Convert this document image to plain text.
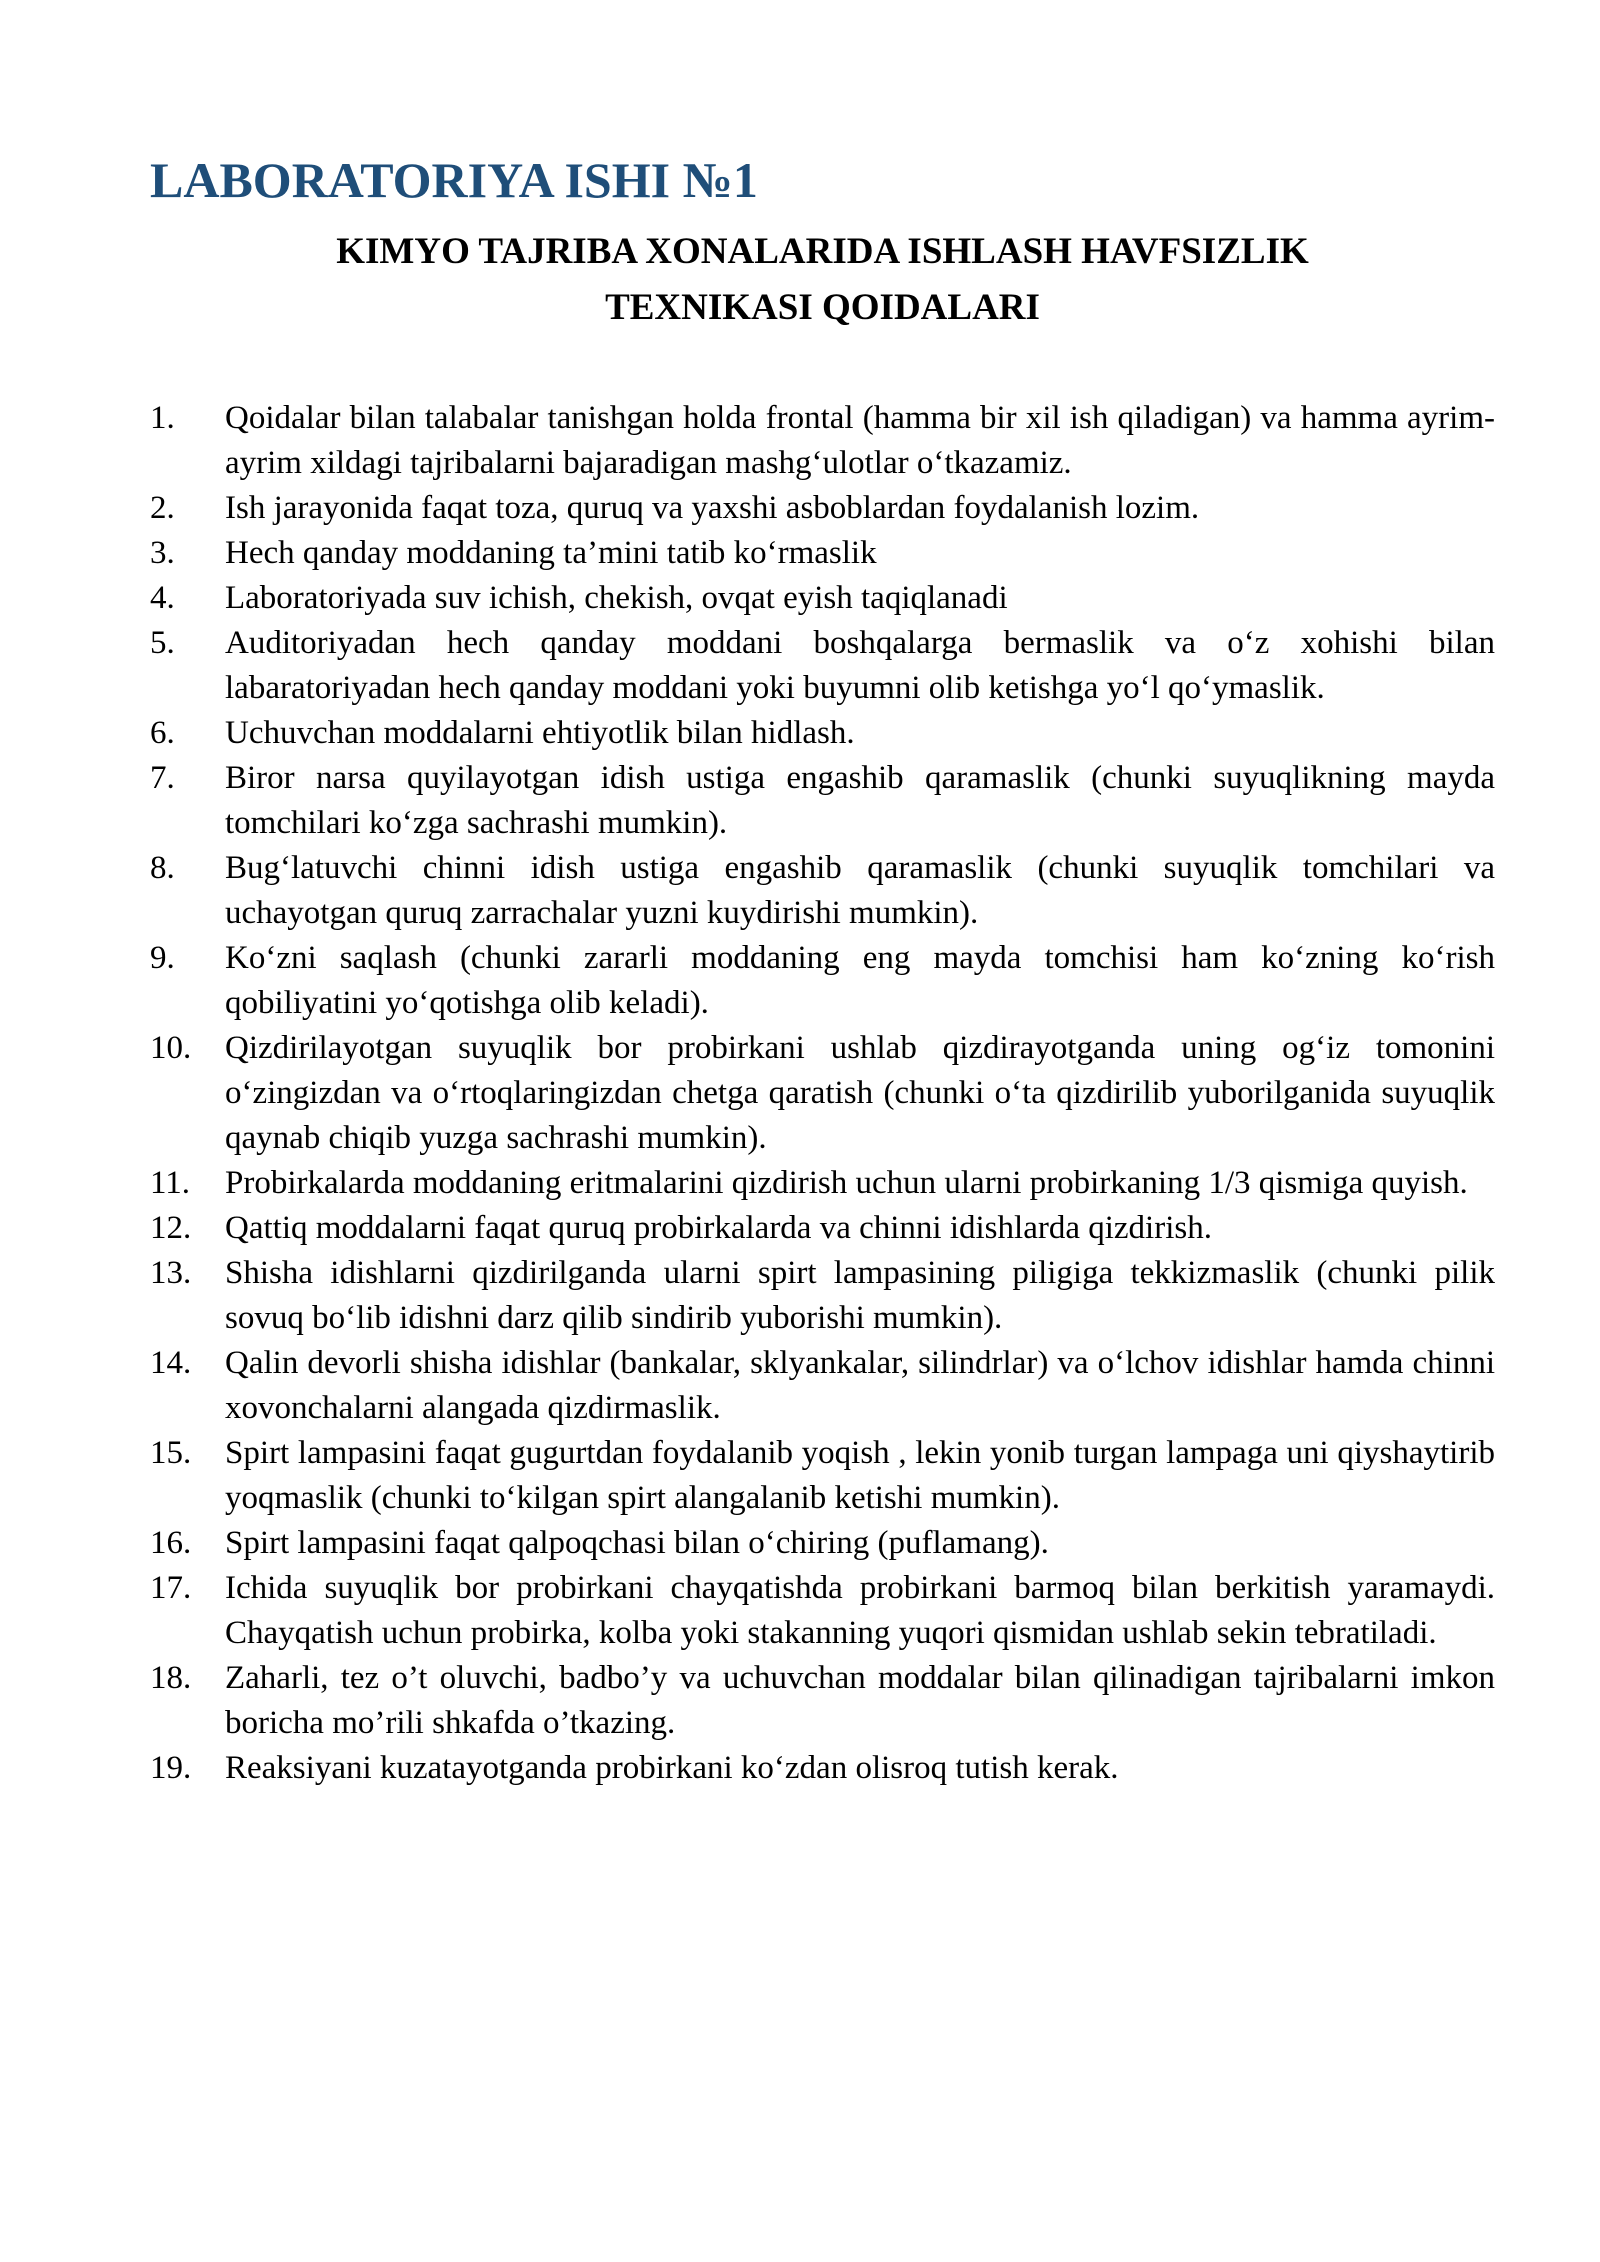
LABORATORIYA ISHI №1
KIMYO TAJRIBA XONALARIDA ISHLASH HAVFSIZLIK
TEXNIKASI QOIDALARI
1.	Qoidalar bilan talabalar tanishgan holda frontal (hamma bir xil ish qiladigan) va hamma ayrim-ayrim xildagi tajribalarni bajaradigan mashg‘ulotlar o‘tkazamiz.
2.	Ish jarayonida faqat toza, quruq va yaxshi asboblardan foydalanish lozim.
3.	Hech qanday moddaning ta’mini tatib ko‘rmaslik
4.	Laboratoriyada suv ichish, chekish, ovqat eyish taqiqlanadi
5.	Auditoriyadan hech qanday moddani boshqalarga bermaslik va o‘z xohishi bilan labaratoriyadan hech qanday moddani yoki buyumni olib ketishga yo‘l qo‘ymaslik.
6.	Uchuvchan moddalarni ehtiyotlik bilan hidlash.
7.	Biror narsa quyilayotgan idish ustiga engashib qaramaslik (chunki suyuqlikning mayda tomchilari ko‘zga sachrashi mumkin).
8.	Bug‘latuvchi chinni idish ustiga engashib qaramaslik (chunki suyuqlik tomchilari va uchayotgan quruq zarrachalar yuzni kuydirishi mumkin).
9.	Ko‘zni saqlash (chunki zararli moddaning eng mayda tomchisi ham ko‘zning ko‘rish qobiliyatini yo‘qotishga olib keladi).
10.	Qizdirilayotgan suyuqlik bor probirkani ushlab qizdirayotganda uning og‘iz tomonini o‘zingizdan va o‘rtoqlaringizdan chetga qaratish (chunki o‘ta qizdirilib yuborilganida suyuqlik qaynab chiqib yuzga sachrashi mumkin).
11.	Probirkalarda moddaning eritmalarini qizdirish uchun ularni probirkaning 1/3 qismiga quyish.
12.	Qattiq moddalarni faqat quruq probirkalarda va chinni idishlarda qizdirish.
13.	Shisha idishlarni qizdirilganda ularni spirt lampasining piligiga tekkizmaslik (chunki pilik sovuq bo‘lib idishni darz qilib sindirib yuborishi mumkin).
14.	Qalin devorli shisha idishlar (bankalar, sklyankalar, silindrlar) va o‘lchov idishlar hamda chinni xovonchalarni alangada qizdirmaslik.
15.	Spirt lampasini faqat gugurtdan foydalanib yoqish , lekin yonib turgan lampaga uni qiyshaytirib yoqmaslik (chunki to‘kilgan spirt alangalanib ketishi mumkin).
16.	Spirt lampasini faqat qalpoqchasi bilan o‘chiring (puflamang).
17.	Ichida suyuqlik bor probirkani chayqatishda probirkani barmoq bilan berkitish yaramaydi. Chayqatish uchun probirka, kolba yoki stakanning yuqori qismidan ushlab sekin tebratiladi.
18.	Zaharli, tez o’t oluvchi, badbo’y va uchuvchan moddalar bilan qilinadigan tajribalarni imkon boricha mo’rili shkafda o’tkazing.
19.	Reaksiyani kuzatayotganda probirkani ko‘zdan olisroq tutish kerak.
